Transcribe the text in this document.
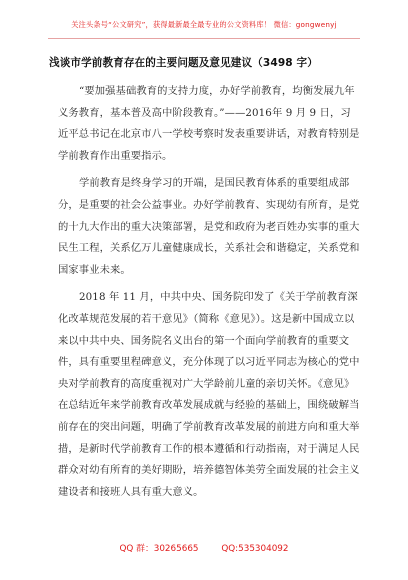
关注头条号“公文研究”，获得最新最全最专业的公文资料库！ 微信：gongwenyj
浅谈市学前教育存在的主要问题及意见建议（3498 字）

“要加强基础教育的支持力度，办好学前教育，均衡发展九年义务教育，基本普及高中阶段教育。”——2016年 9 月 9 日，习近平总书记在北京市八一学校考察时发表重要讲话，对教育特别是学前教育作出重要指示。

学前教育是终身学习的开端，是国民教育体系的重要组成部分，是重要的社会公益事业。办好学前教育、实现幼有所育，是党的十九大作出的重大决策部署，是党和政府为老百姓办实事的重大民生工程，关系亿万儿童健康成长，关系社会和谐稳定，关系党和国家事业未来。

2018 年 11 月，中共中央、国务院印发了《关于学前教育深化改革规范发展的若干意见》（简称《意见》）。这是新中国成立以来以中共中央、国务院名义出台的第一个面向学前教育的重要文件，具有重要里程碑意义，充分体现了以习近平同志为核心的党中央对学前教育的高度重视对广大学龄前儿童的亲切关怀。《意见》在总结近年来学前教育改革发展成就与经验的基础上，围绕破解当前存在的突出问题，明确了学前教育改革发展的前进方向和重大举措，是新时代学前教育工作的根本遵循和行动指南，对于满足人民群众对幼有所育的美好期盼，培养德智体美劳全面发展的社会主义建设者和接班人具有重大意义。

QQ 群：30265665	QQ:535304092
